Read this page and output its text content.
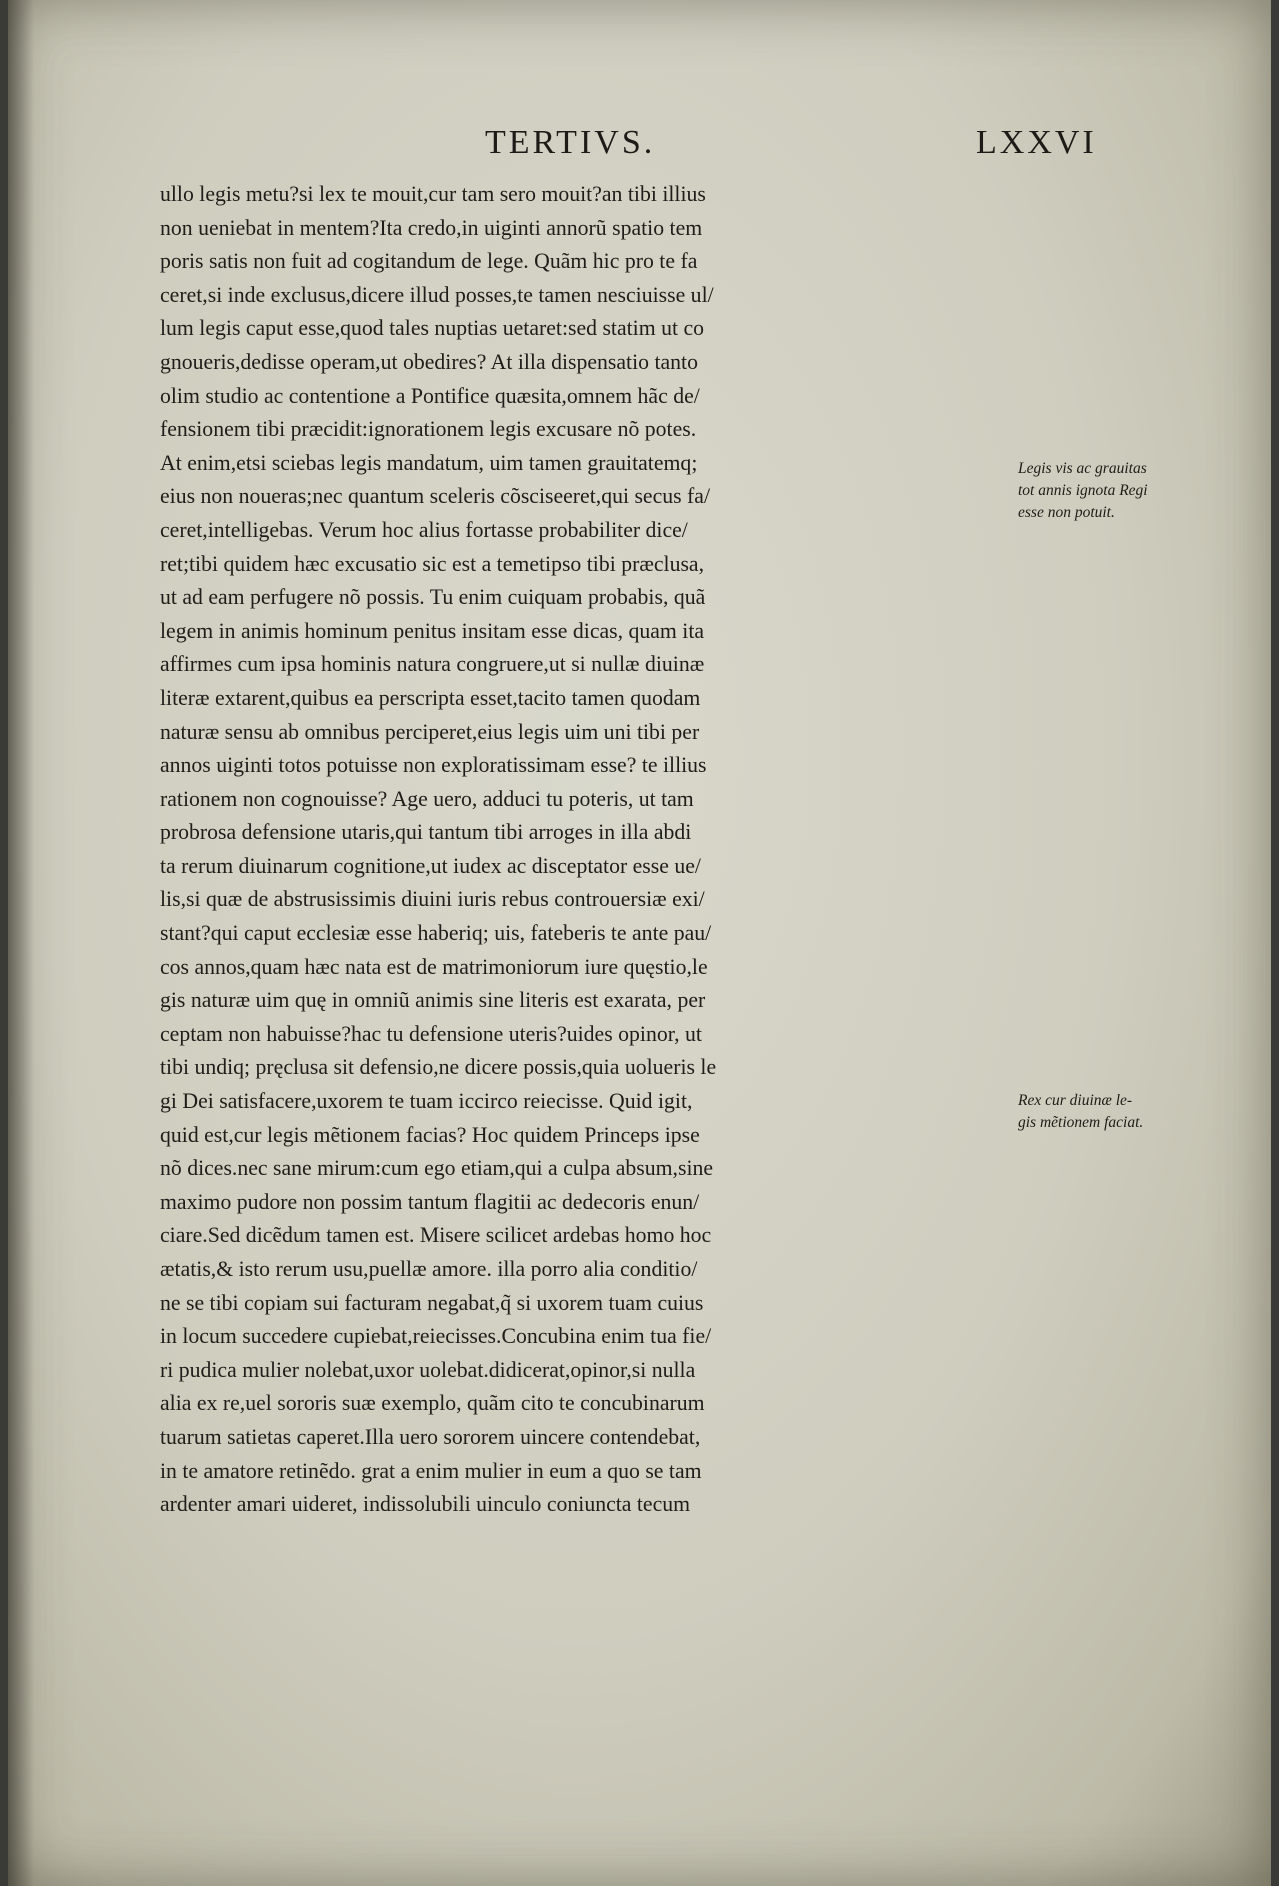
TERTIVS.	LXXVI
ullo legis metu?si lex te mouit,cur tam sero mouit?an tibi illius
non ueniebat in mentem?Ita credo,in uiginti annorũ spatio tem
poris satis non fuit ad cogitandum de lege. Quãm hic pro te fa
ceret,si inde exclusus,dicere illud posses,te tamen nesciuisse ul/
lum legis caput esse,quod tales nuptias uetaret:sed statim ut co
gnoueris,dedisse operam,ut obedires? At illa dispensatio tanto
olim studio ac contentione a Pontifice quæsita,omnem hãc de/
fensionem tibi præcidit:ignorationem legis excusare nõ potes.
At enim,etsi sciebas legis mandatum, uim tamen grauitatemq;
eius non noueras;nec quantum sceleris cõsciseeret,qui secus fa/
ceret,intelligebas. Verum hoc alius fortasse probabiliter dice/
ret;tibi quidem hæc excusatio sic est a temetipso tibi præclusa,
ut ad eam perfugere nõ possis. Tu enim cuiquam probabis, quã
legem in animis hominum penitus insitam esse dicas, quam ita
affirmes cum ipsa hominis natura congruere,ut si nullæ diuinæ
literæ extarent,quibus ea perscripta esset,tacito tamen quodam
naturæ sensu ab omnibus perciperet,eius legis uim uni tibi per
annos uiginti totos potuisse non exploratissimam esse? te illius
rationem non cognouisse? Age uero, adduci tu poteris, ut tam
probrosa defensione utaris,qui tantum tibi arroges in illa abdi
ta rerum diuinarum cognitione,ut iudex ac disceptator esse ue/
lis,si quæ de abstrusissimis diuini iuris rebus controuersiæ exi/
stant?qui caput ecclesiæ esse haberiq; uis, fateberis te ante pau/
cos annos,quam hæc nata est de matrimoniorum iure quęstio,le
gis naturæ uim quę in omniũ animis sine literis est exarata, per
ceptam non habuisse?hac tu defensione uteris?uides opinor, ut
tibi undiq; pręclusa sit defensio,ne dicere possis,quia uolueris le
gi Dei satisfacere,uxorem te tuam iccirco reiecisse. Quid igit,
quid est,cur legis mẽtionem facias? Hoc quidem Princeps ipse
nõ dices.nec sane mirum:cum ego etiam,qui a culpa absum,sine
maximo pudore non possim tantum flagitii ac dedecoris enun/
ciare.Sed dicẽdum tamen est. Misere scilicet ardebas homo hoc
ætatis,& isto rerum usu,puellæ amore. illa porro alia conditio/
ne se tibi copiam sui facturam negabat,q̃ si uxorem tuam cuius
in locum succedere cupiebat,reiecisses.Concubina enim tua fie/
ri pudica mulier nolebat,uxor uolebat.didicerat,opinor,si nulla
alia ex re,uel sororis suæ exemplo, quãm cito te concubinarum
tuarum satietas caperet.Illa uero sororem uincere contendebat,
in te amatore retinẽdo. grat a enim mulier in eum a quo se tam
ardenter amari uideret, indissolubili uinculo coniuncta tecum
Legis vis ac grauitas
tot annis ignota Regi
esse non potuit.
Rex cur diuinæ le-
gis mẽtionem faciat.
